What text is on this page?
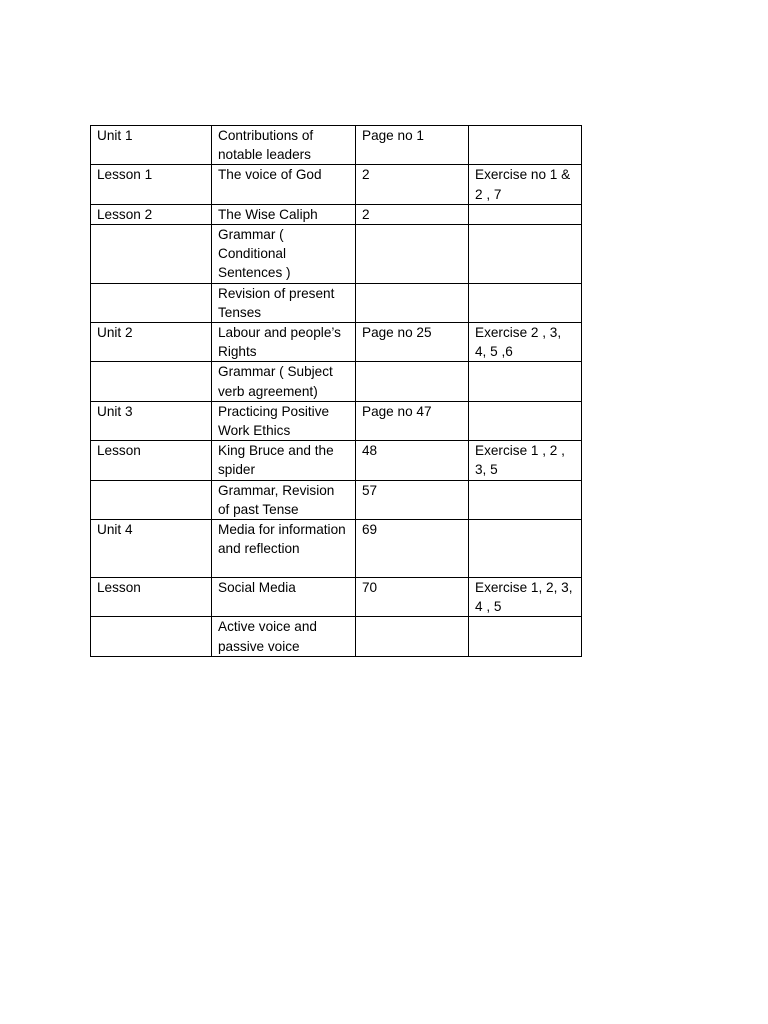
Unit 1	Contributions of notable leaders	Page no 1	
Lesson 1	The voice of God	2	Exercise no 1 & 2 , 7
Lesson 2	The Wise Caliph	2	
	Grammar ( Conditional Sentences )		
	Revision of present Tenses		
Unit 2	Labour and people’s Rights	Page no 25	Exercise 2 , 3, 4, 5 ,6
	Grammar ( Subject verb agreement)		
Unit 3	Practicing Positive Work Ethics	Page no 47	
Lesson	King Bruce and the spider	48	Exercise 1 , 2 , 3, 5
	Grammar, Revision of past Tense	57	
Unit 4	Media for information and reflection	69	
Lesson	Social Media	70	Exercise 1, 2, 3, 4 , 5
	Active voice and passive voice		
